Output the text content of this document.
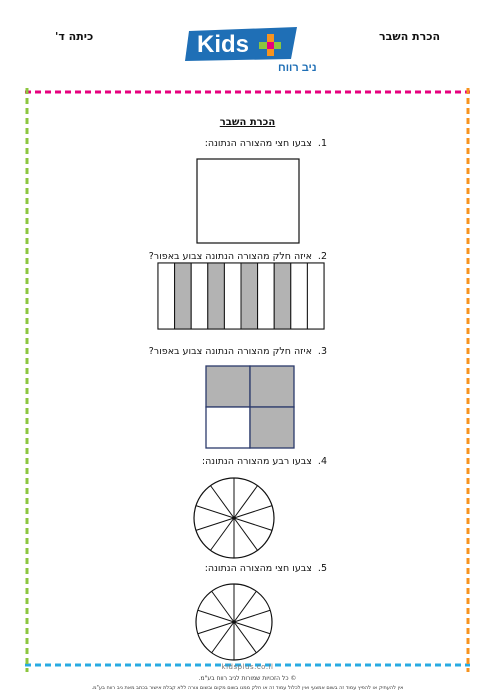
כיתה ד'	הכרת השבר
Kids
ניב רווח
הכרת השבר
1.צבעו חצי מהצורה הנתונה:
2.איזה חלק מהצורה הנתונה צבוע באפור?
3.איזה חלק מהצורה הנתונה צבוע באפור?
4.צבעו רבע מהצורה הנתונה:
5.צבעו חצי מהצורה הנתונה:
kidsplus.co.il
© כל הזכויות שמורות לניב רווח בע"מ.
אין להעתיק או להפיץ עמוד זה בשום אמצעי ואין לכלול עמוד זה או חלק ממנו בשום מקום ובשום צורה ללא קבלת אישור בכתב מאת ניב רווח בע"מ.
